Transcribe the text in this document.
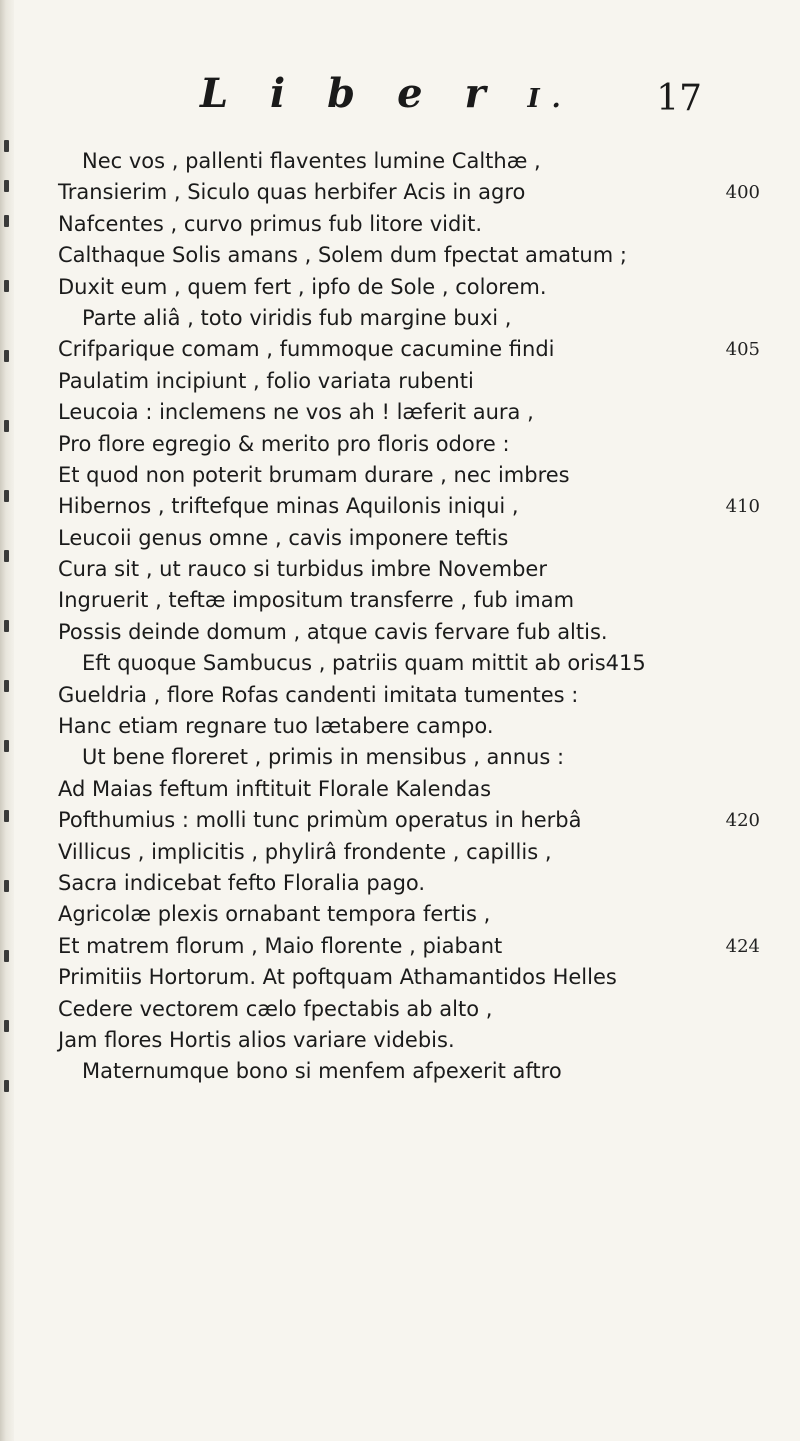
L i b e r I. 17
Nec vos , pallenti flaventes lumine Calthæ ,
Transierim , Siculo quas herbifer Acis in agro	400
Nafcentes , curvo primus fub litore vidit.
Calthaque Solis amans , Solem dum fpectat amatum ;
Duxit eum , quem fert , ipfo de Sole , colorem.
Parte aliâ , toto viridis fub margine buxi ,
Crifparique comam , fummoque cacumine findi	405
Paulatim incipiunt , folio variata rubenti
Leucoia : inclemens ne vos ah ! læferit aura ,
Pro flore egregio & merito pro floris odore :
Et quod non poterit brumam durare , nec imbres
Hibernos , triftefque minas Aquilonis iniqui ,	410
Leucoii genus omne , cavis imponere teftis
Cura sit , ut rauco si turbidus imbre November
Ingruerit , teftæ impositum transferre , fub imam
Possis deinde domum , atque cavis fervare fub altis.
Eft quoque Sambucus , patriis quam mittit ab oris415
Gueldria , flore Rofas candenti imitata tumentes :
Hanc etiam regnare tuo lætabere campo.
Ut bene floreret , primis in mensibus , annus :
Ad Maias feftum inftituit Florale Kalendas
Pofthumius : molli tunc primùm operatus in herbâ	420
Villicus , implicitis , phylirâ frondente , capillis ,
Sacra indicebat fefto Floralia pago.
Agricolæ plexis ornabant tempora fertis ,
Et matrem florum , Maio florente , piabant	424
Primitiis Hortorum. At poftquam Athamantidos Helles
Cedere vectorem cælo fpectabis ab alto ,
Jam flores Hortis alios variare videbis.
Maternumque bono si menfem afpexerit aftro
